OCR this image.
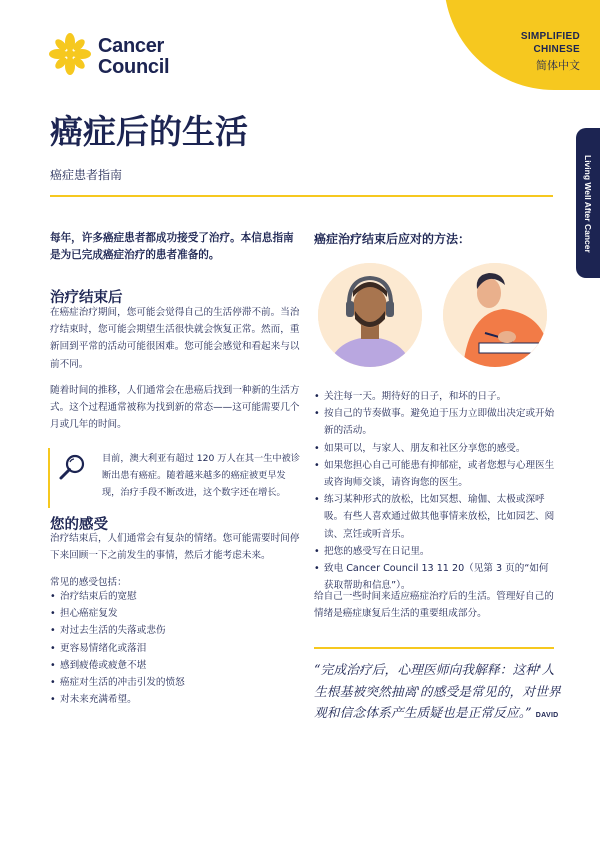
Cancer
Council
SIMPLIFIED CHINESE
简体中文
Living Well After Cancer
癌症后的生活
癌症患者指南
每年，许多癌症患者都成功接受了治疗。本信息指南是为已完成癌症治疗的患者准备的。
治疗结束后
在癌症治疗期间，您可能会觉得自己的生活停滞不前。当治疗结束时，您可能会期望生活很快就会恢复正常。然而，重新回到平常的活动可能很困难。您可能会感觉和看起来与以前不同。
随着时间的推移，人们通常会在患癌后找到一种新的生活方式。这个过程通常被称为找到新的常态——这可能需要几个月或几年的时间。
目前，澳大利亚有超过 120 万人在其一生中被诊断出患有癌症。随着越来越多的癌症被更早发现，治疗手段不断改进，这个数字还在增长。
您的感受
治疗结束后，人们通常会有复杂的情绪。您可能需要时间停下来回顾一下之前发生的事情，然后才能考虑未来。
常见的感受包括：
• 治疗结束后的宽慰
• 担心癌症复发
• 对过去生活的失落或悲伤
• 更容易情绪化或落泪
• 感到疲倦或疲惫不堪
• 癌症对生活的冲击引发的愤怒
• 对未来充满希望。
癌症治疗结束后应对的方法：
• 关注每一天。期待好的日子，和坏的日子。
• 按自己的节奏做事。避免迫于压力立即做出决定或开始新的活动。
• 如果可以，与家人、朋友和社区分享您的感受。
• 如果您担心自己可能患有抑郁症，或者您想与心理医生或咨询师交谈，请咨询您的医生。
• 练习某种形式的放松，比如冥想、瑜伽、太极或深呼吸。有些人喜欢通过做其他事情来放松，比如园艺、阅读、烹饪或听音乐。
• 把您的感受写在日记里。
• 致电 Cancer Council 13 11 20（见第 3 页的“如何获取帮助和信息”）。
给自己一些时间来适应癌症治疗后的生活。管理好自己的情绪是癌症康复后生活的重要组成部分。
“完成治疗后，心理医师向我解释：这种'人生根基被突然抽离'的感受是常见的，对世界观和信念体系产生质疑也是正常反应。” DAVID
